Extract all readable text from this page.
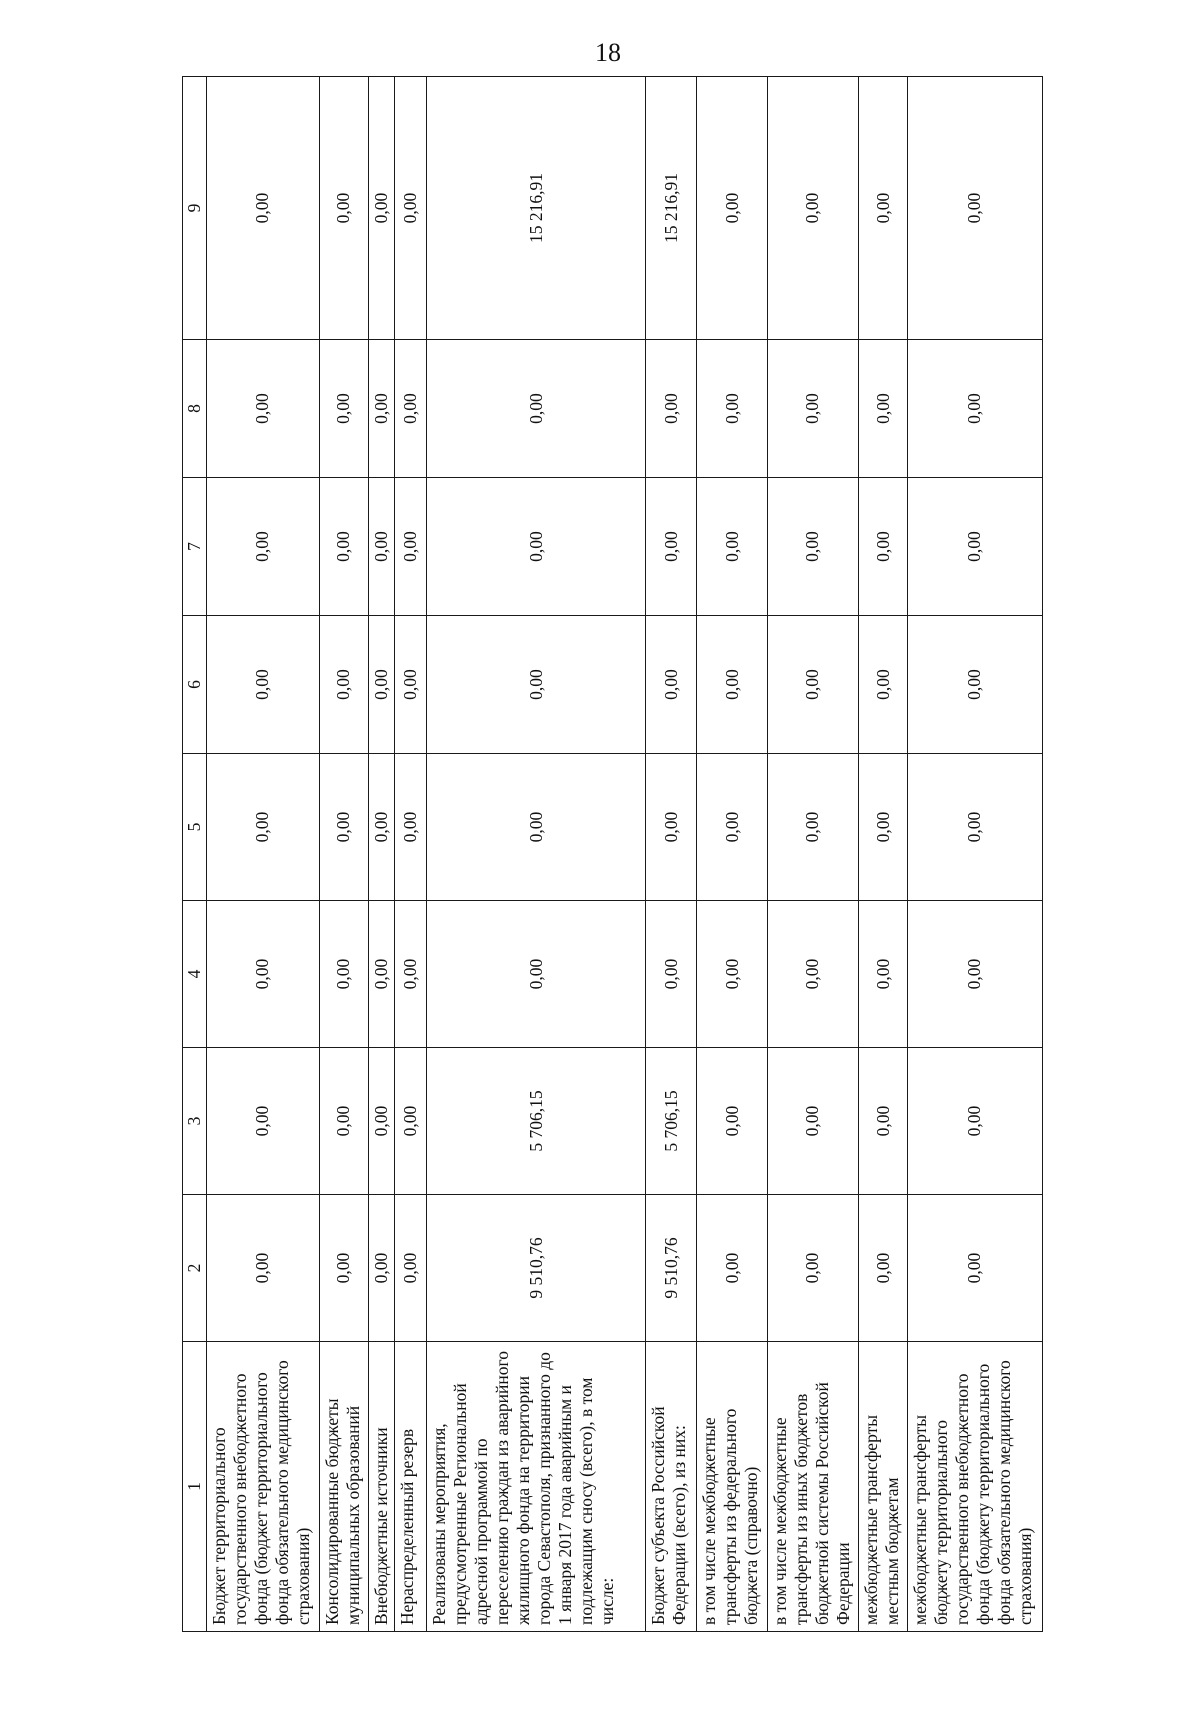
18
1	2	3	4	5	6	7	8	9
Бюджет территориального государственного внебюджетного фонда (бюджет территориального фонда обязательного медицинского страхования)	0,00	0,00	0,00	0,00	0,00	0,00	0,00	0,00
Консолидированные бюджеты муниципальных образований	0,00	0,00	0,00	0,00	0,00	0,00	0,00	0,00
Внебюджетные источники	0,00	0,00	0,00	0,00	0,00	0,00	0,00	0,00
Нераспределенный резерв	0,00	0,00	0,00	0,00	0,00	0,00	0,00	0,00
Реализованы мероприятия, предусмотренные Региональной адресной программой по переселению граждан из аварийного жилищного фонда на территории города Севастополя, признанного до 1 января 2017 года аварийным и подлежащим сносу (всего), в том числе:	9 510,76	5 706,15	0,00	0,00	0,00	0,00	0,00	15 216,91
Бюджет субъекта Российской Федерации (всего), из них:	9 510,76	5 706,15	0,00	0,00	0,00	0,00	0,00	15 216,91
в том числе межбюджетные трансферты из федерального бюджета (справочно)	0,00	0,00	0,00	0,00	0,00	0,00	0,00	0,00
в том числе межбюджетные трансферты из иных бюджетов бюджетной системы Российской Федерации	0,00	0,00	0,00	0,00	0,00	0,00	0,00	0,00
межбюджетные трансферты местным бюджетам	0,00	0,00	0,00	0,00	0,00	0,00	0,00	0,00
межбюджетные трансферты бюджету территориального государственного внебюджетного фонда (бюджету территориального фонда обязательного медицинского страхования)	0,00	0,00	0,00	0,00	0,00	0,00	0,00	0,00
